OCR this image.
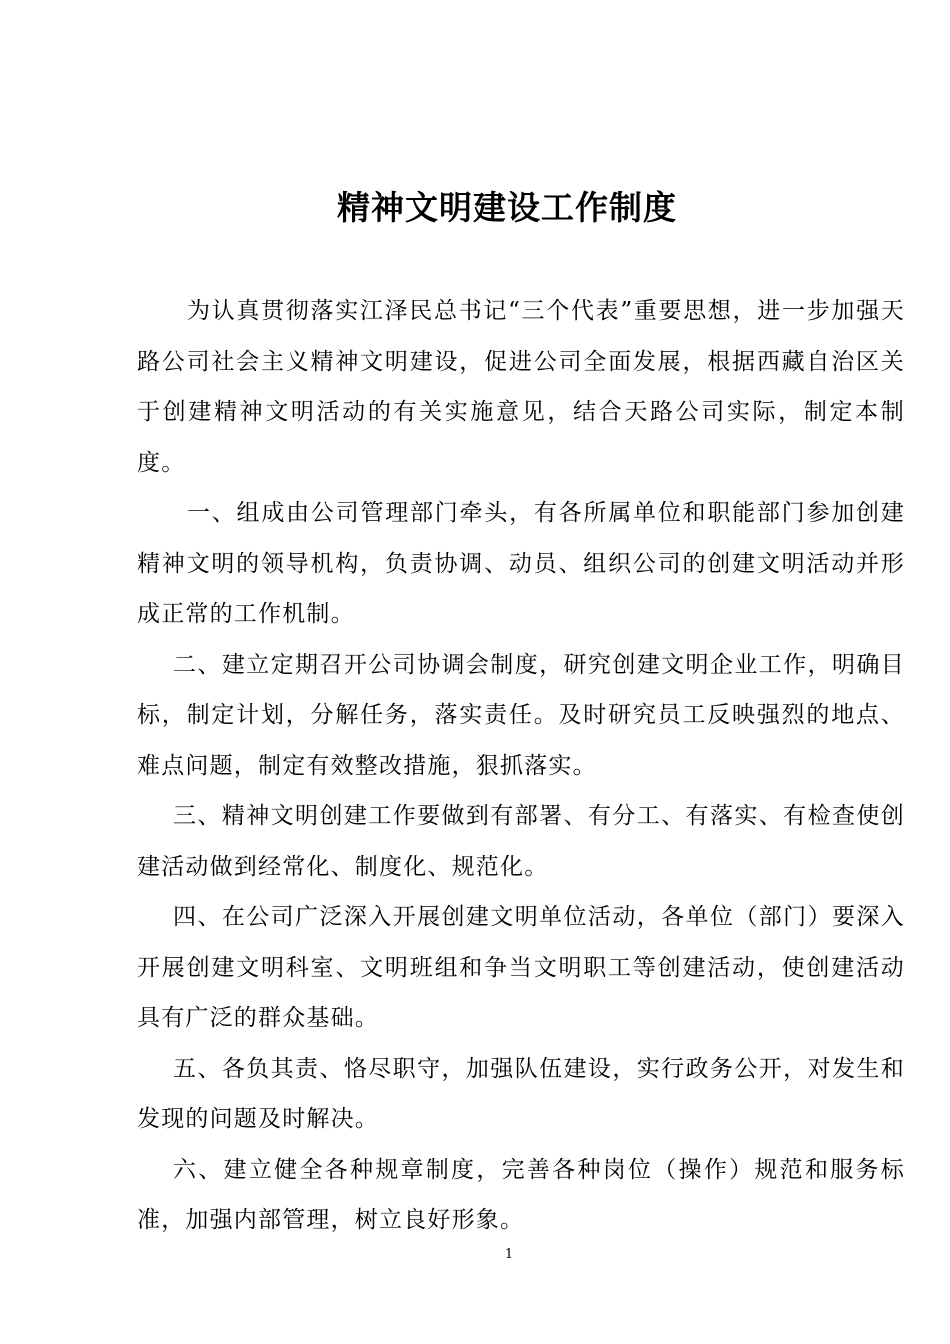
精神文明建设工作制度

为认真贯彻落实江泽民总书记“三个代表”重要思想，进一步加强天路公司社会主义精神文明建设，促进公司全面发展，根据西藏自治区关于创建精神文明活动的有关实施意见，结合天路公司实际，制定本制度。

一、组成由公司管理部门牵头，有各所属单位和职能部门参加创建精神文明的领导机构，负责协调、动员、组织公司的创建文明活动并形成正常的工作机制。

二、建立定期召开公司协调会制度，研究创建文明企业工作，明确目标，制定计划，分解任务，落实责任。及时研究员工反映强烈的地点、难点问题，制定有效整改措施，狠抓落实。

三、精神文明创建工作要做到有部署、有分工、有落实、有检查使创建活动做到经常化、制度化、规范化。

四、在公司广泛深入开展创建文明单位活动，各单位（部门）要深入开展创建文明科室、文明班组和争当文明职工等创建活动，使创建活动具有广泛的群众基础。

五、各负其责、恪尽职守，加强队伍建设，实行政务公开，对发生和发现的问题及时解决。

六、建立健全各种规章制度，完善各种岗位（操作）规范和服务标准，加强内部管理，树立良好形象。

1
